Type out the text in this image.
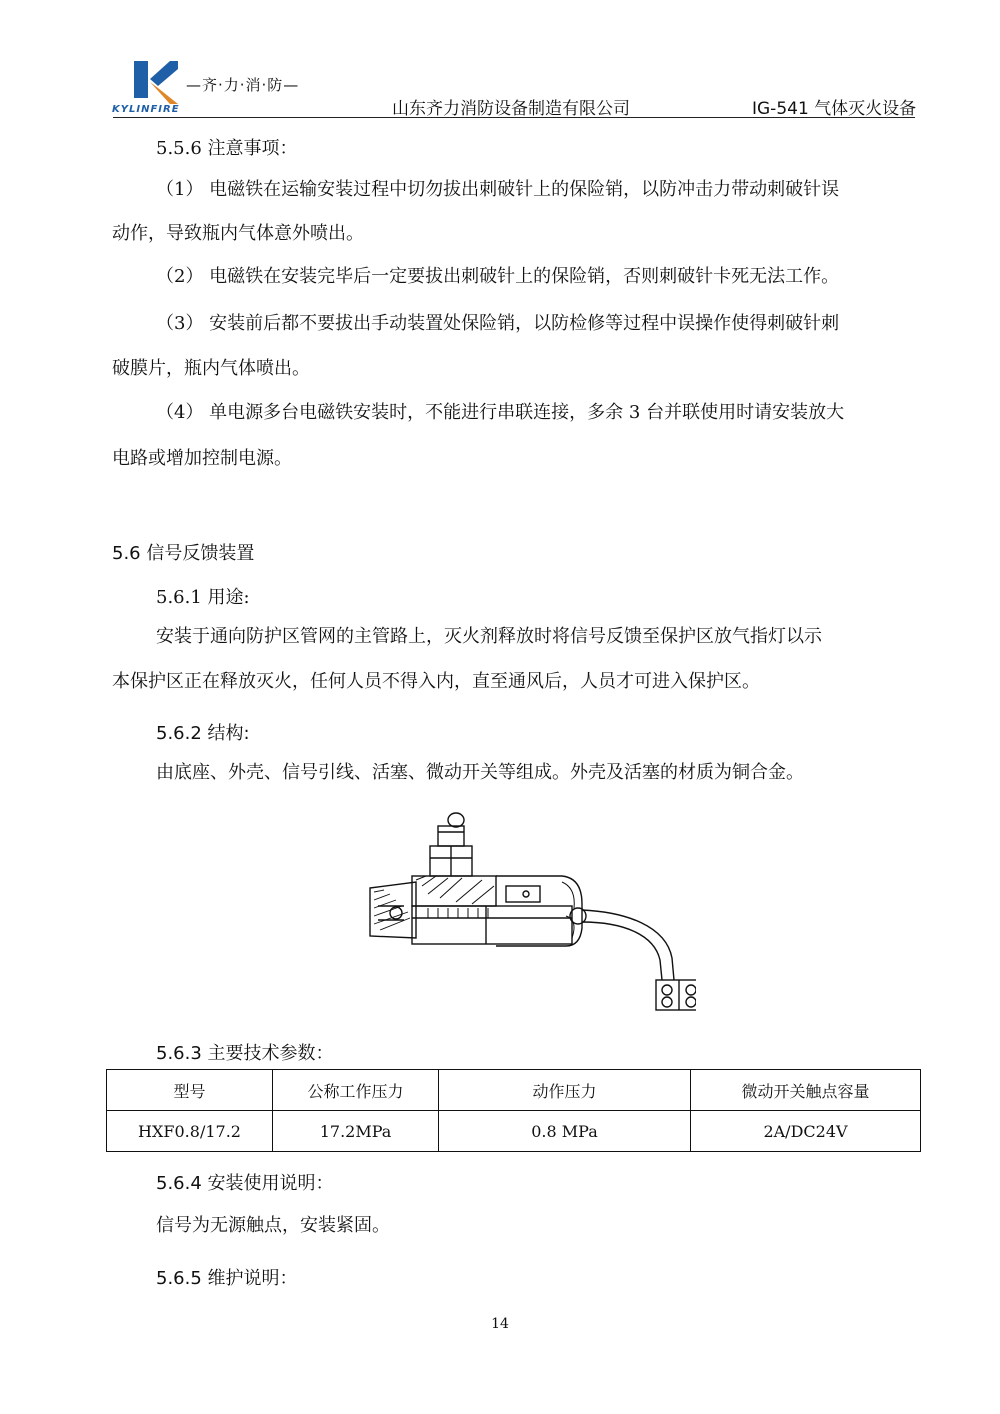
—齐·力·消·防—
KYLINFIRE	山东齐力消防设备制造有限公司	IG-541 气体灭火设备
5.5.6 注意事项：
（1） 电磁铁在运输安装过程中切勿拔出刺破针上的保险销，以防冲击力带动刺破针误
动作，导致瓶内气体意外喷出。
（2） 电磁铁在安装完毕后一定要拔出刺破针上的保险销，否则刺破针卡死无法工作。
（3） 安装前后都不要拔出手动装置处保险销，以防检修等过程中误操作使得刺破针刺
破膜片，瓶内气体喷出。
（4） 单电源多台电磁铁安装时，不能进行串联连接，多余 3 台并联使用时请安装放大
电路或增加控制电源。
5.6 信号反馈装置
5.6.1 用途:
安装于通向防护区管网的主管路上，灭火剂释放时将信号反馈至保护区放气指灯以示
本保护区正在释放灭火，任何人员不得入内，直至通风后，人员才可进入保护区。
5.6.2 结构:
由底座、外壳、信号引线、活塞、微动开关等组成。外壳及活塞的材质为铜合金。
5.6.3 主要技术参数：
型号	公称工作压力	动作压力	微动开关触点容量
HXF0.8/17.2	17.2MPa	0.8 MPa	2A/DC24V
5.6.4 安装使用说明：
信号为无源触点，安装紧固。
5.6.5 维护说明：
14
